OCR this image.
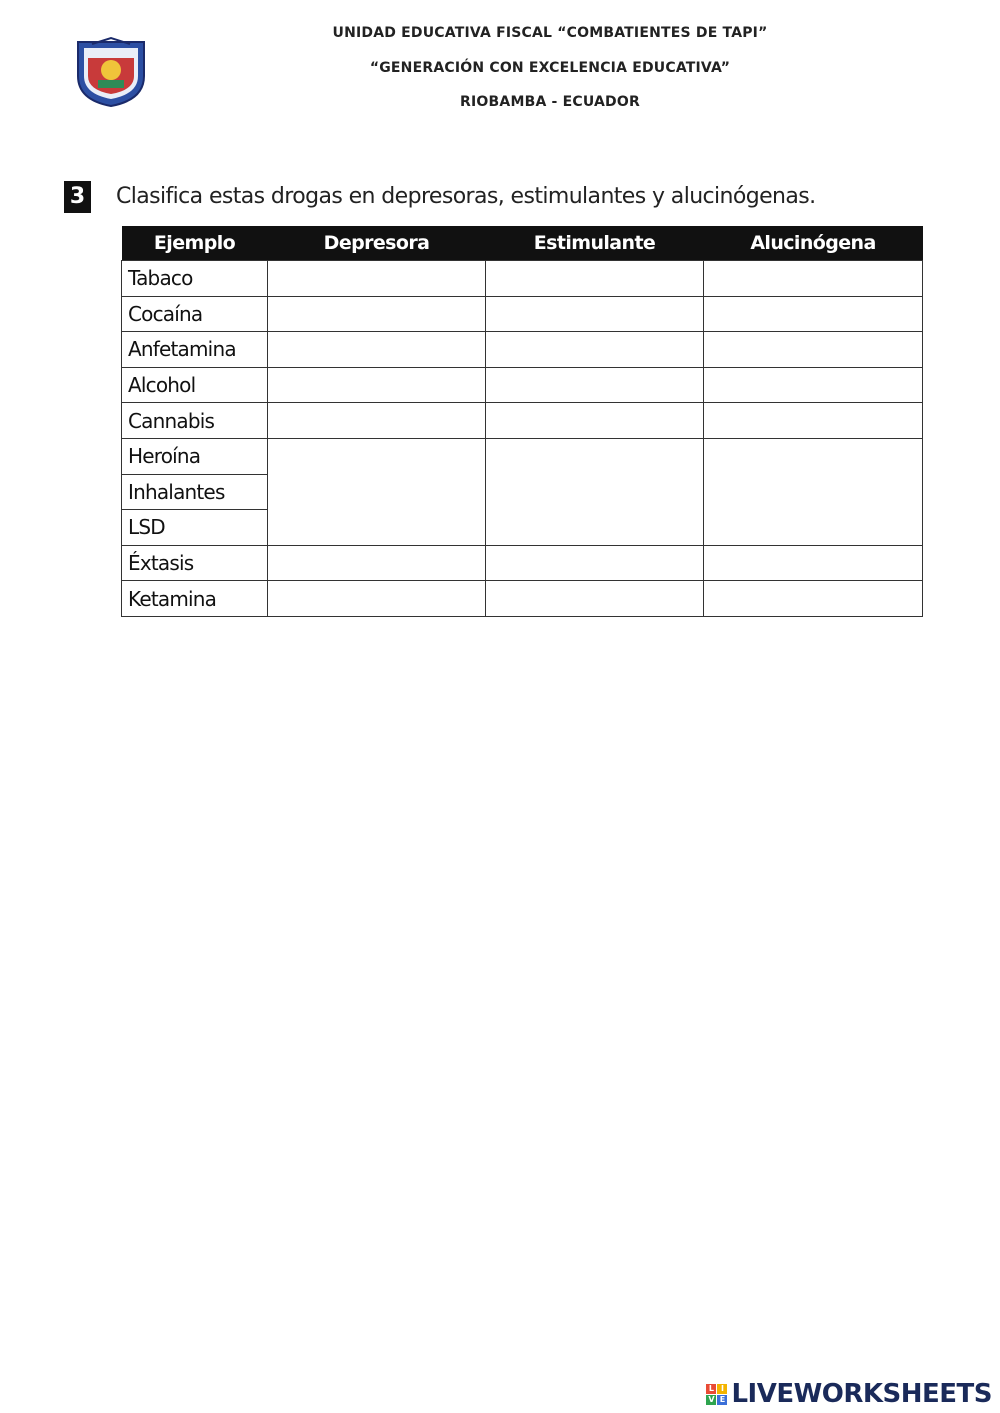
UNIDAD EDUCATIVA FISCAL “COMBATIENTES DE TAPI”
“GENERACIÓN CON EXCELENCIA EDUCATIVA”
RIOBAMBA - ECUADOR
3 Clasifica estas drogas en depresoras, estimulantes y alucinógenas.
Ejemplo	Depresora	Estimulante	Alucinógena
Tabaco			
Cocaína			
Anfetamina			
Alcohol			
Cannabis			
Heroína			
Inhalantes			
LSD			
Éxtasis			
Ketamina			
L I
V E LIVEWORKSHEETS
